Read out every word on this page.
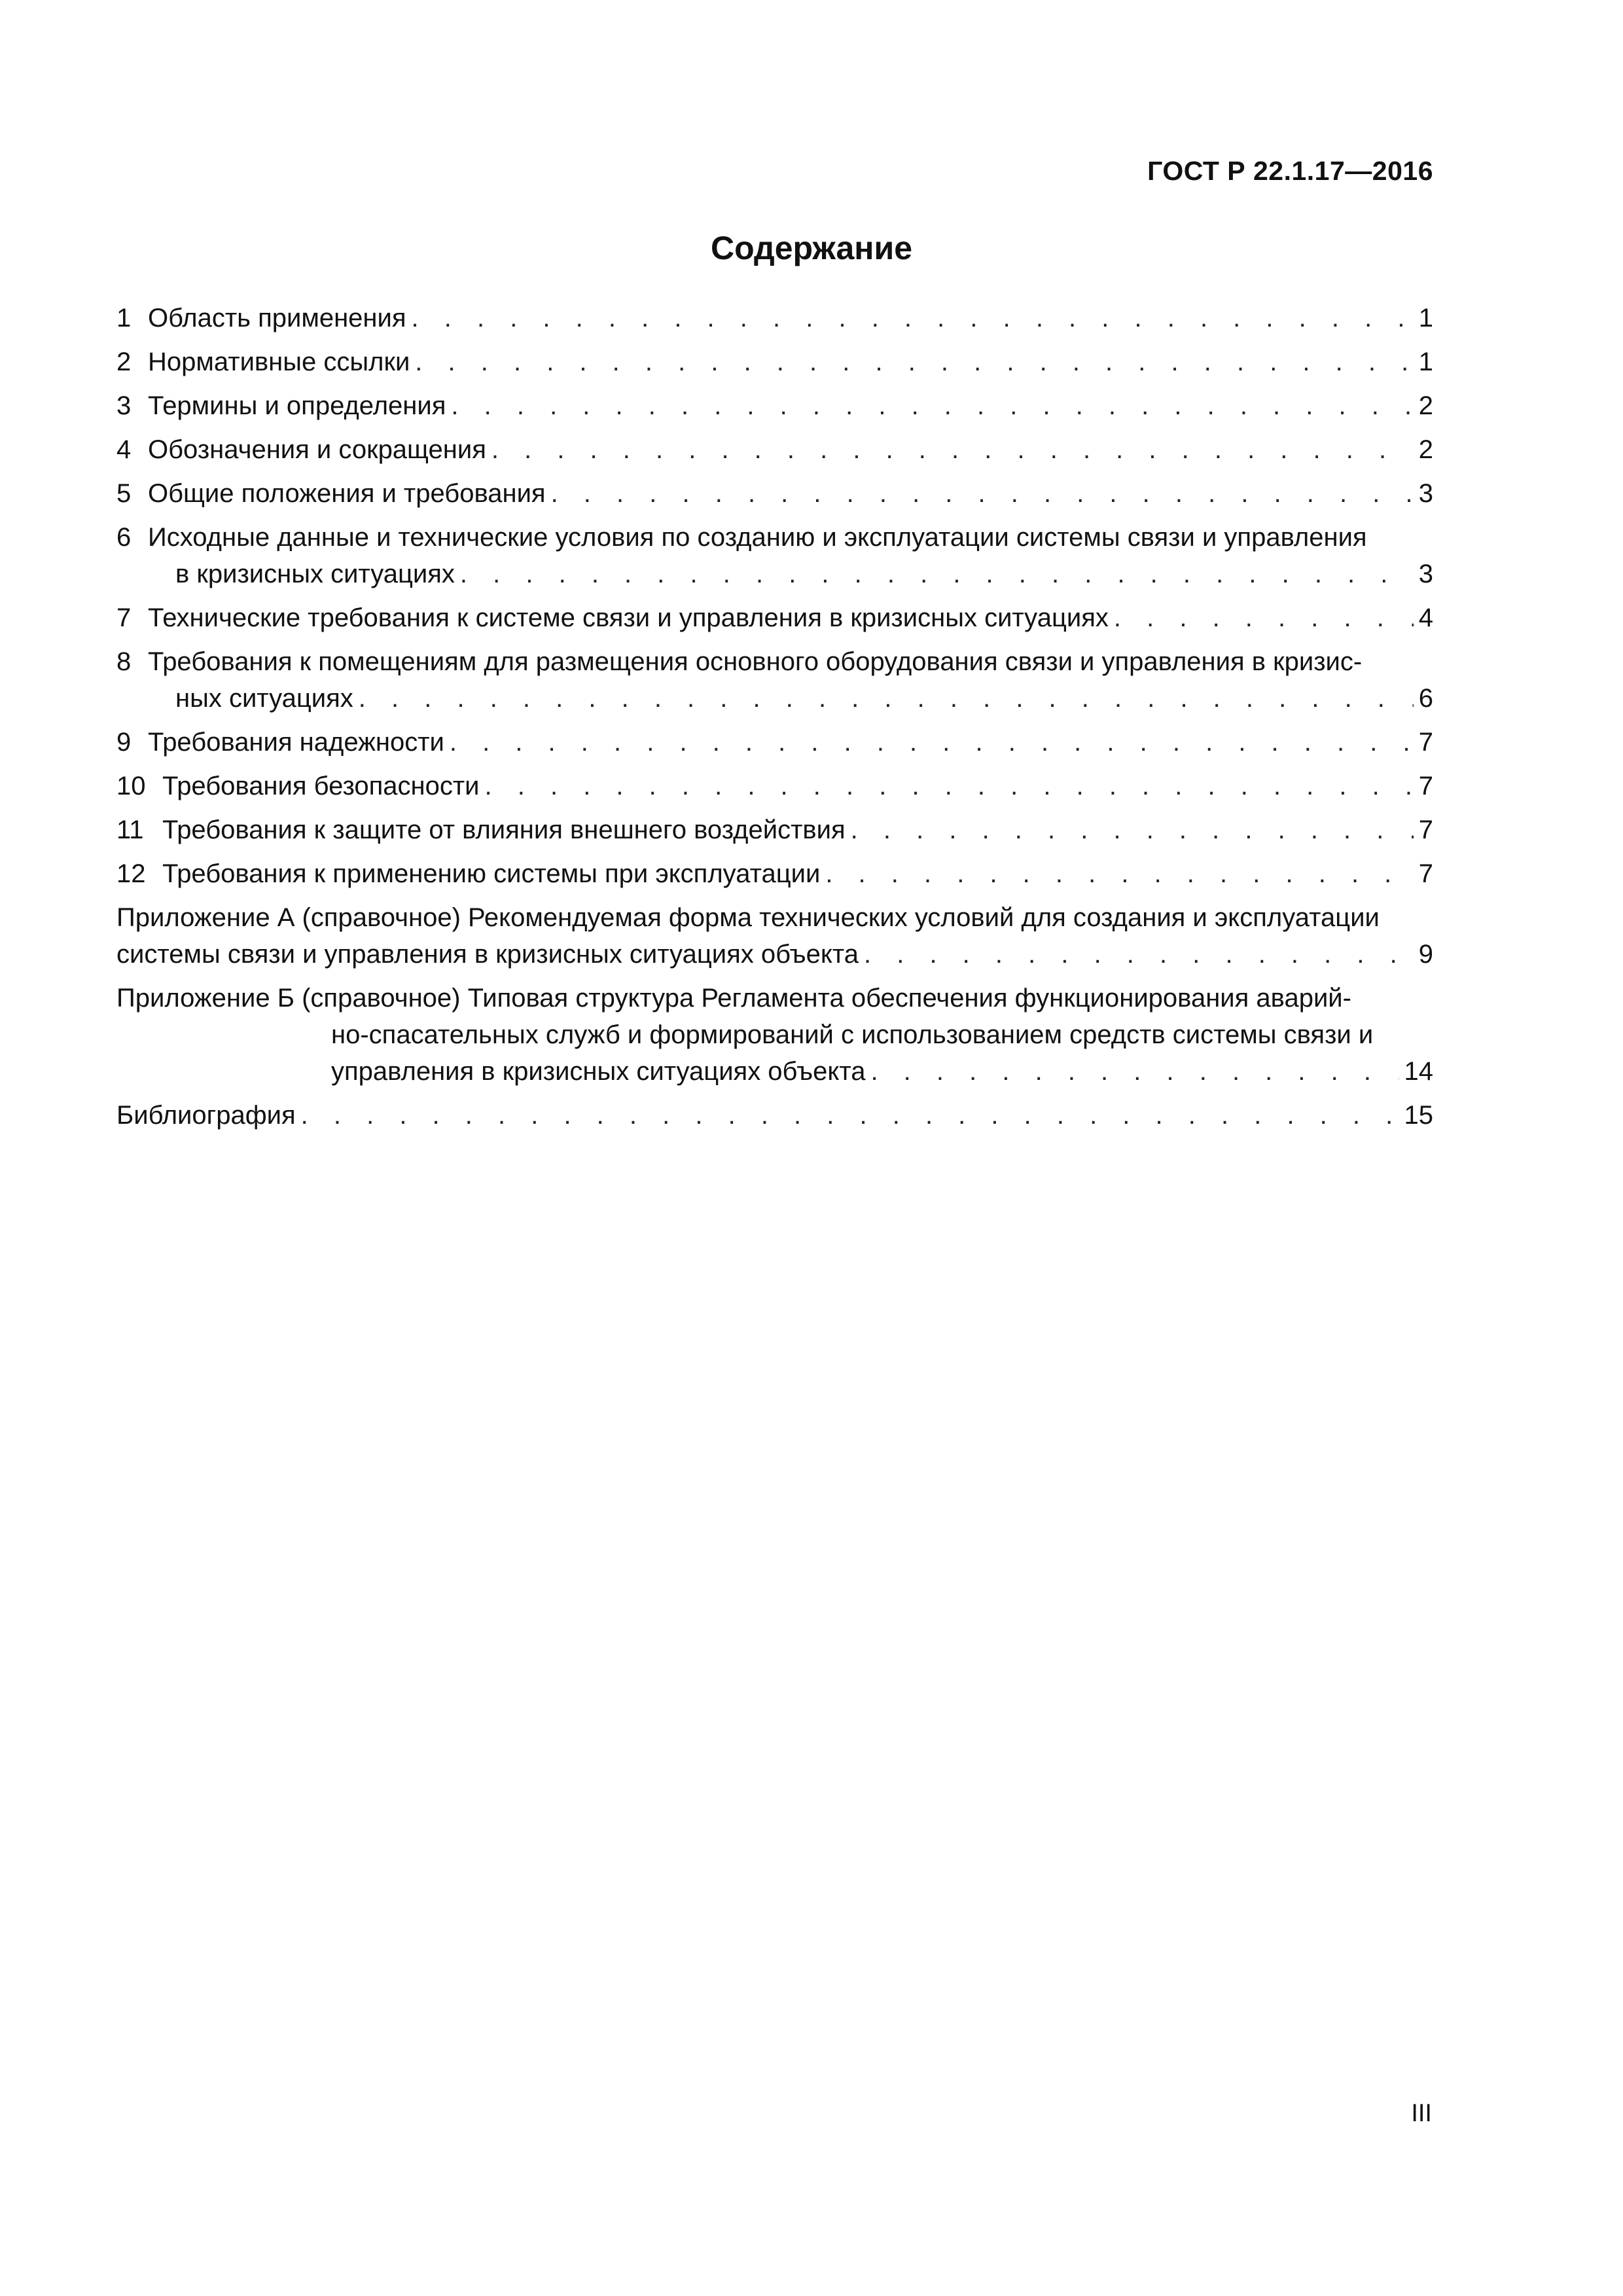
ГОСТ Р 22.1.17—2016
Содержание
1 Область применения . . .	1
2 Нормативные ссылки . . .	1
3 Термины и определения . . .	2
4 Обозначения и сокращения . . .	2
5 Общие положения и требования . . .	3
6 Исходные данные и технические условия по созданию и эксплуатации системы связи и управления
в кризисных ситуациях . . .	3
7 Технические требования к системе связи и управления в кризисных ситуациях . . .	4
8 Требования к помещениям для размещения основного оборудования связи и управления в кризис-
ных ситуациях . . .	6
9 Требования надежности . . .	7
10 Требования безопасности . . .	7
11 Требования к защите от влияния внешнего воздействия . . .	7
12 Требования к применению системы при эксплуатации . . .	7
Приложение А (справочное) Рекомендуемая форма технических условий для создания и эксплуатации
системы связи и управления в кризисных ситуациях объекта . . .	9
Приложение Б (справочное) Типовая структура Регламента обеспечения функционирования аварий-
но-спасательных служб и формирований с использованием средств системы связи и
управления в кризисных ситуациях объекта . . .	14
Библиография . . .	15
III
